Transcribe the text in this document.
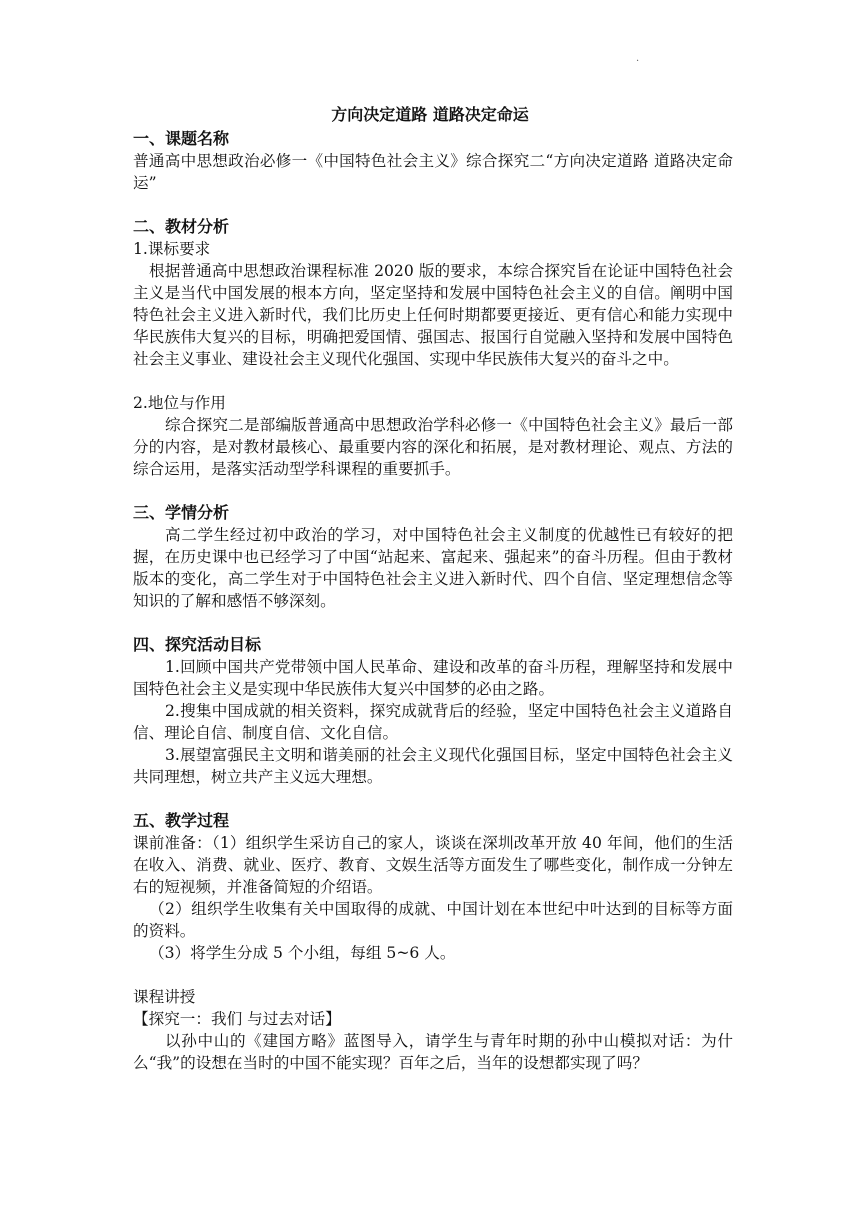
·
方向决定道路 道路决定命运

一、课题名称

普通高中思想政治必修一《中国特色社会主义》综合探究二“方向决定道路 道路决定命运”

二、教材分析

1.课标要求

根据普通高中思想政治课程标准 2020 版的要求，本综合探究旨在论证中国特色社会主义是当代中国发展的根本方向，坚定坚持和发展中国特色社会主义的自信。阐明中国特色社会主义进入新时代，我们比历史上任何时期都要更接近、更有信心和能力实现中华民族伟大复兴的目标，明确把爱国情、强国志、报国行自觉融入坚持和发展中国特色社会主义事业、建设社会主义现代化强国、实现中华民族伟大复兴的奋斗之中。

2.地位与作用

综合探究二是部编版普通高中思想政治学科必修一《中国特色社会主义》最后一部分的内容，是对教材最核心、最重要内容的深化和拓展，是对教材理论、观点、方法的综合运用，是落实活动型学科课程的重要抓手。

三、学情分析

高二学生经过初中政治的学习，对中国特色社会主义制度的优越性已有较好的把握，在历史课中也已经学习了中国“站起来、富起来、强起来”的奋斗历程。但由于教材版本的变化，高二学生对于中国特色社会主义进入新时代、四个自信、坚定理想信念等知识的了解和感悟不够深刻。

四、探究活动目标

1.回顾中国共产党带领中国人民革命、建设和改革的奋斗历程，理解坚持和发展中国特色社会主义是实现中华民族伟大复兴中国梦的必由之路。

2.搜集中国成就的相关资料，探究成就背后的经验，坚定中国特色社会主义道路自信、理论自信、制度自信、文化自信。

3.展望富强民主文明和谐美丽的社会主义现代化强国目标，坚定中国特色社会主义共同理想，树立共产主义远大理想。

五、教学过程

课前准备：（1）组织学生采访自己的家人，谈谈在深圳改革开放 40 年间，他们的生活在收入、消费、就业、医疗、教育、文娱生活等方面发生了哪些变化，制作成一分钟左右的短视频，并准备简短的介绍语。

（2）组织学生收集有关中国取得的成就、中国计划在本世纪中叶达到的目标等方面的资料。

（3）将学生分成 5 个小组，每组 5~6 人。

课程讲授

【探究一：我们 与过去对话】

以孙中山的《建国方略》蓝图导入，请学生与青年时期的孙中山模拟对话：为什么“我”的设想在当时的中国不能实现？百年之后，当年的设想都实现了吗？
